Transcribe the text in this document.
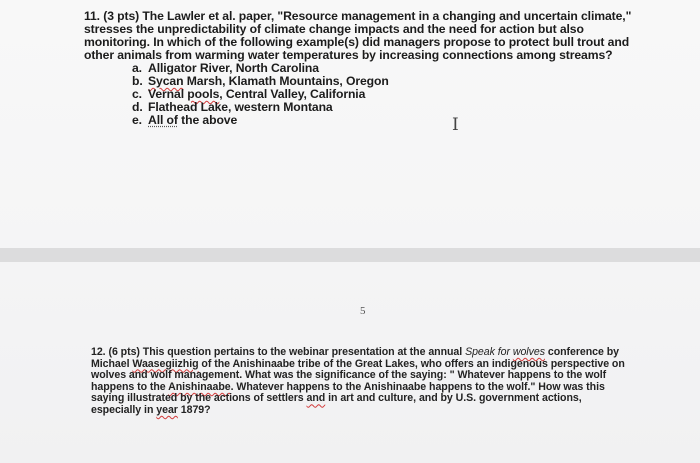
11. (3 pts) The Lawler et al. paper, "Resource management in a changing and uncertain climate," stresses the unpredictability of climate change impacts and the need for action but also monitoring. In which of the following example(s) did managers propose to protect bull trout and other animals from warming water temperatures by increasing connections among streams?

a. Alligator River, North Carolina
b. Sycan Marsh, Klamath Mountains, Oregon
c. Vernal pools, Central Valley, California
d. Flathead Lake, western Montana
e. All of the above	I
5
12. (6 pts) This question pertains to the webinar presentation at the annual Speak for wolves conference by Michael Waasegiizhig of the Anishinaabe tribe of the Great Lakes, who offers an indigenous perspective on wolves and wolf management. What was the significance of the saying: " Whatever happens to the wolf happens to the Anishinaabe. Whatever happens to the Anishinaabe happens to the wolf." How was this saying illustrated by the actions of settlers and in art and culture, and by U.S. government actions, especially in year 1879?
